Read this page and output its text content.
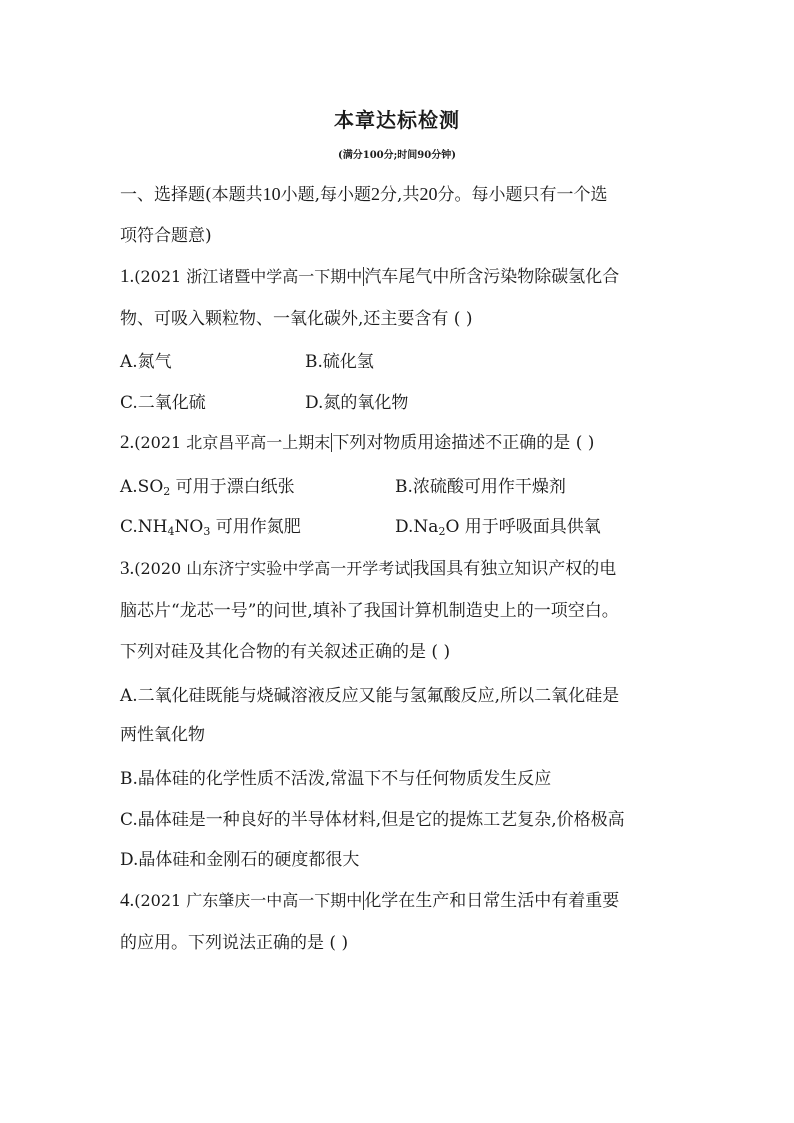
本章达标检测
(满分100分;时间90分钟)
一、选择题(本题共10小题,每小题2分,共20分。每小题只有一个选
项符合题意)
1.(2021 浙江诸暨中学高一下期中 汽车尾气中所含污染物除碳氢化合
物、可吸入颗粒物、一氧化碳外,还主要含有 ( )
A.氮气	B.硫化氢
C.二氧化硫	D.氮的氧化物
2.(2021 北京昌平高一上期末 下列对物质用途描述不正确的是 ( )
$A.SO_2$ 可用于漂白纸张	B.浓硫酸可用作干燥剂
$C.NH_4NO_3$ 可用作氮肥	$D.Na_2O$ 用于呼吸面具供氧
3.(2020 山东济宁实验中学高一开学考试 我国具有独立知识产权的电
脑芯片“龙芯一号”的问世,填补了我国计算机制造史上的一项空白。
下列对硅及其化合物的有关叙述正确的是 ( )
A.二氧化硅既能与烧碱溶液反应又能与氢氟酸反应,所以二氧化硅是
两性氧化物
B.晶体硅的化学性质不活泼,常温下不与任何物质发生反应
C.晶体硅是一种良好的半导体材料,但是它的提炼工艺复杂,价格极高
D.晶体硅和金刚石的硬度都很大
4.(2021 广东肇庆一中高一下期中 化学在生产和日常生活中有着重要
的应用。下列说法正确的是 ( )
